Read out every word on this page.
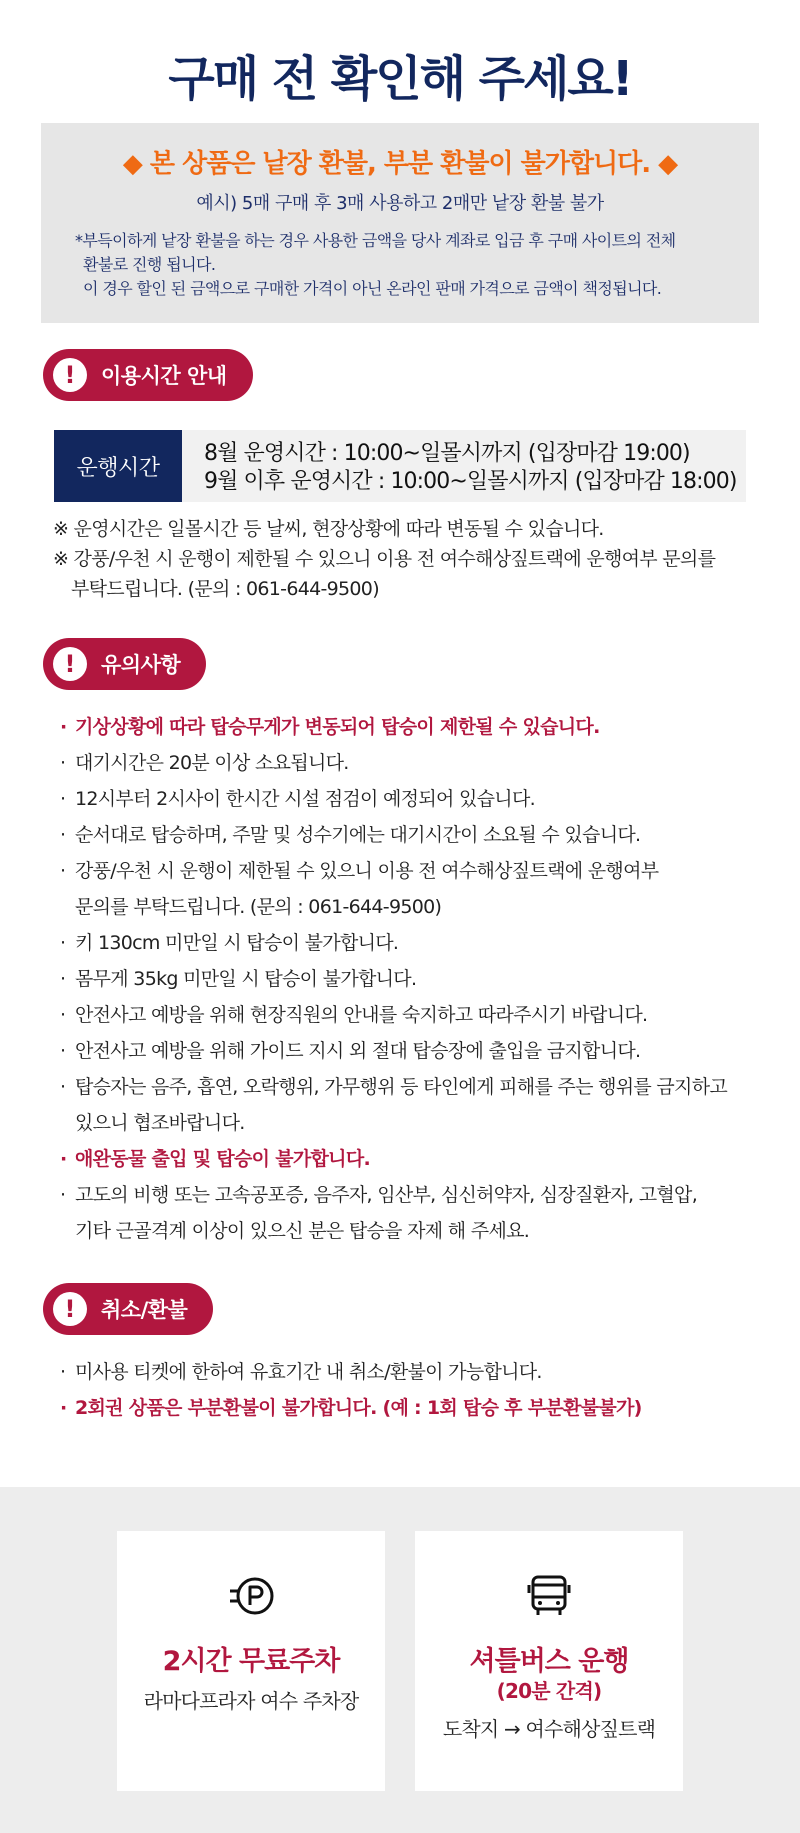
구매 전 확인해 주세요!
◆ 본 상품은 낱장 환불, 부분 환불이 불가합니다. ◆
예시) 5매 구매 후 3매 사용하고 2매만 낱장 환불 불가
*부득이하게 낱장 환불을 하는 경우 사용한 금액을 당사 계좌로 입금 후 구매 사이트의 전체
환불로 진행 됩니다.
이 경우 할인 된 금액으로 구매한 가격이 아닌 온라인 판매 가격으로 금액이 책정됩니다.
!	이용시간 안내
운행시간
8월 운영시간 : 10:00~일몰시까지 (입장마감 19:00)
9월 이후 운영시간 : 10:00~일몰시까지 (입장마감 18:00)
※ 운영시간은 일몰시간 등 날씨, 현장상황에 따라 변동될 수 있습니다.
※ 강풍/우천 시 운행이 제한될 수 있으니 이용 전 여수해상짚트랙에 운행여부 문의를
부탁드립니다. (문의 : 061-644-9500)
!	유의사항
· 기상상황에 따라 탑승무게가 변동되어 탑승이 제한될 수 있습니다.
· 대기시간은 20분 이상 소요됩니다.
· 12시부터 2시사이 한시간 시설 점검이 예정되어 있습니다.
· 순서대로 탑승하며, 주말 및 성수기에는 대기시간이 소요될 수 있습니다.
· 강풍/우천 시 운행이 제한될 수 있으니 이용 전 여수해상짚트랙에 운행여부
문의를 부탁드립니다. (문의 : 061-644-9500)
· 키 130cm 미만일 시 탑승이 불가합니다.
· 몸무게 35kg 미만일 시 탑승이 불가합니다.
· 안전사고 예방을 위해 현장직원의 안내를 숙지하고 따라주시기 바랍니다.
· 안전사고 예방을 위해 가이드 지시 외 절대 탑승장에 출입을 금지합니다.
· 탑승자는 음주, 흡연, 오락행위, 가무행위 등 타인에게 피해를 주는 행위를 금지하고
있으니 협조바랍니다.
· 애완동물 출입 및 탑승이 불가합니다.
· 고도의 비행 또는 고속공포증, 음주자, 임산부, 심신허약자, 심장질환자, 고혈압,
기타 근골격계 이상이 있으신 분은 탑승을 자제 해 주세요.
!	취소/환불
· 미사용 티켓에 한하여 유효기간 내 취소/환불이 가능합니다.
· 2회권 상품은 부분환불이 불가합니다. (예 : 1회 탑승 후 부분환불불가)
2시간 무료주차
라마다프라자 여수 주차장
셔틀버스 운행
(20분 간격)
도착지 → 여수해상짚트랙
